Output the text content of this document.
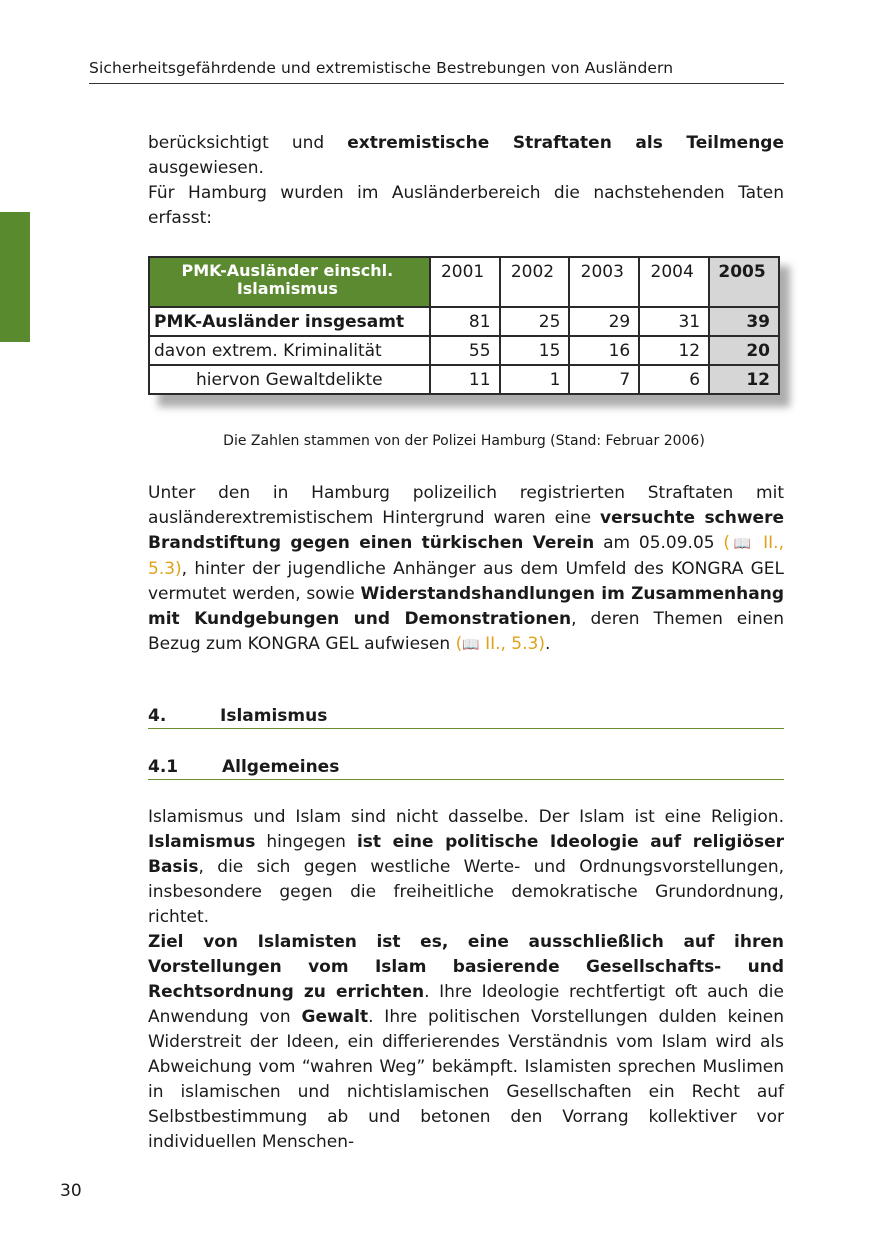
Sicherheitsgefährdende und extremistische Bestrebungen von Ausländern

berücksichtigt und extremistische Straftaten als Teilmenge ausgewiesen.

Für Hamburg wurden im Ausländerbereich die nachstehenden Taten erfasst:

PMK-Ausländer einschl. Islamismus	2001	2002	2003	2004	2005
PMK-Ausländer insgesamt	81	25	29	31	39
davon extrem. Kriminalität	55	15	16	12	20
hiervon Gewaltdelikte	11	1	7	6	12
Die Zahlen stammen von der Polizei Hamburg (Stand: Februar 2006)

Unter den in Hamburg polizeilich registrierten Straftaten mit ausländerextremistischem Hintergrund waren eine versuchte schwere Brandstiftung gegen einen türkischen Verein am 05.09.05 (📖 II., 5.3), hinter der jugendliche Anhänger aus dem Umfeld des KONGRA GEL vermutet werden, sowie Widerstandshandlungen im Zusammenhang mit Kundgebungen und Demonstrationen, deren Themen einen Bezug zum KONGRA GEL aufwiesen (📖 II., 5.3).

4.	Islamismus
4.1	Allgemeines

Islamismus und Islam sind nicht dasselbe. Der Islam ist eine Religion. Islamismus hingegen ist eine politische Ideologie auf religiöser Basis, die sich gegen westliche Werte- und Ordnungsvorstellungen, insbesondere gegen die freiheitliche demokratische Grundordnung, richtet.

Ziel von Islamisten ist es, eine ausschließlich auf ihren Vorstellungen vom Islam basierende Gesellschafts- und Rechtsordnung zu errichten. Ihre Ideologie rechtfertigt oft auch die Anwendung von Gewalt. Ihre politischen Vorstellungen dulden keinen Widerstreit der Ideen, ein differierendes Verständnis vom Islam wird als Abweichung vom “wahren Weg” bekämpft. Islamisten sprechen Muslimen in islamischen und nichtislamischen Gesellschaften ein Recht auf Selbstbestimmung ab und betonen den Vorrang kollektiver vor individuellen Menschen-

30
